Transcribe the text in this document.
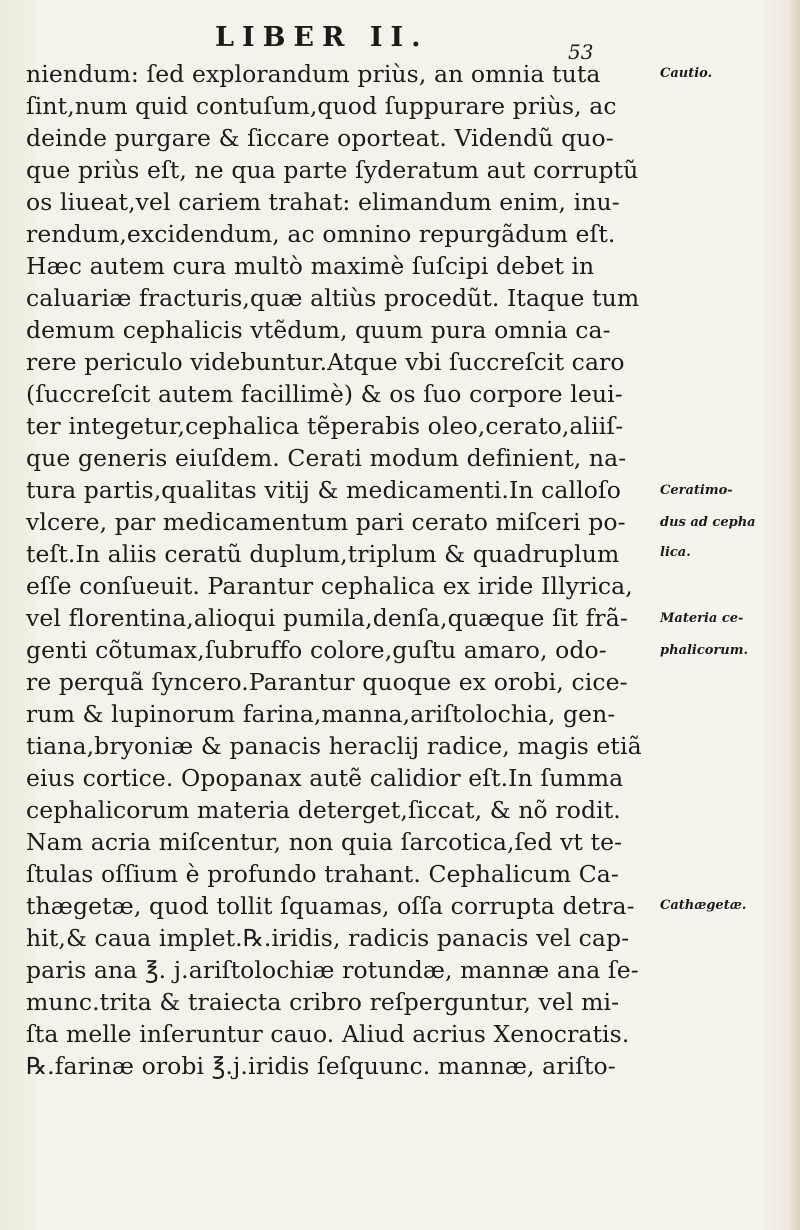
LIBER II.	53
niendum: ſed explorandum priùs, an omnia tuta
ſint,num quid contuſum,quod ſuppurare priùs, ac
deinde purgare & ſiccare oporteat. Videndũ quo-
que priùs eſt, ne qua parte ſyderatum aut corruptũ
os liueat,vel cariem trahat: elimandum enim, inu-
rendum,excidendum, ac omnino repurgãdum eſt.
Hæc autem cura multò maximè ſuſcipi debet in
caluariæ fracturis,quæ altiùs procedũt. Itaque tum
demum cephalicis vtẽdum, quum pura omnia ca-
rere periculo videbuntur.Atque vbi ſuccreſcit caro
(ſuccreſcit autem facillimè) & os ſuo corpore leui-
ter integetur,cephalica tẽperabis oleo,cerato,aliiſ-
que generis eiuſdem. Cerati modum definient, na-
tura partis,qualitas vitij & medicamenti.In calloſo
vlcere, par medicamentum pari cerato miſceri po-
teſt.In aliis ceratũ duplum,triplum & quadruplum
eſſe conſueuit. Parantur cephalica ex iride Illyrica,
vel florentina,alioqui pumila,denſa,quæque ſit frã-
genti cõtumax,ſubruffo colore,guſtu amaro, odo-
re perquã ſyncero.Parantur quoque ex orobi, cice-
rum & lupinorum farina,manna,ariſtolochia, gen-
tiana,bryoniæ & panacis heraclij radice, magis etiã
eius cortice. Opopanax autẽ calidior eſt.In ſumma
cephalicorum materia deterget,ſiccat, & nõ rodit.
Nam acria miſcentur, non quia ſarcotica,ſed vt te-
ſtulas oſſium è profundo trahant. Cephalicum Ca-
thægetæ, quod tollit ſquamas, oſſa corrupta detra-
hit,& caua implet.℞.iridis, radicis panacis vel cap-
paris ana ℥. j.ariſtolochiæ rotundæ, mannæ ana ſe-
munc.trita & traiecta cribro reſperguntur, vel mi-
ſta melle inſeruntur cauo. Aliud acrius Xenocratis.
℞.farinæ orobi ℥.j.iridis ſeſquunc. mannæ, ariſto-
Cautio.
Ceratimo-
dus ad cepha
lica.
Materia ce-
phalicorum.
Cathægetæ.
